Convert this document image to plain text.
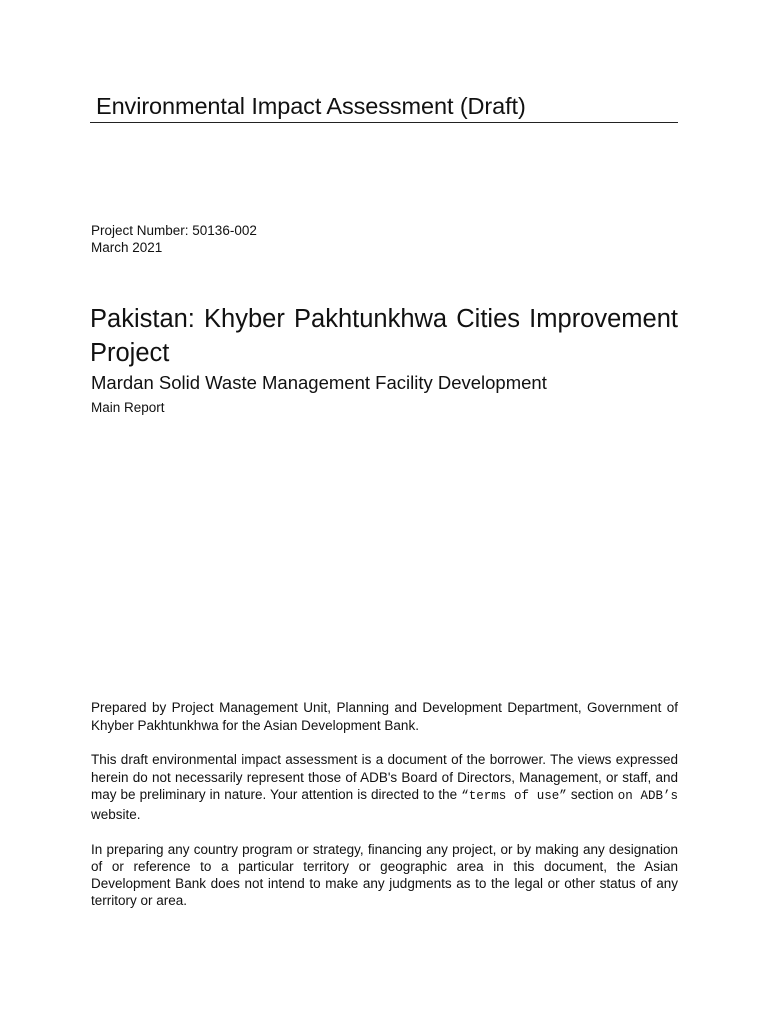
Environmental Impact Assessment (Draft)
Project Number: 50136-002
March 2021
Pakistan: Khyber Pakhtunkhwa Cities Improvement Project
Mardan Solid Waste Management Facility Development
Main Report

Prepared by Project Management Unit, Planning and Development Department, Government of Khyber Pakhtunkhwa for the Asian Development Bank.

This draft environmental impact assessment is a document of the borrower. The views expressed herein do not necessarily represent those of ADB's Board of Directors, Management, or staff, and may be preliminary in nature. Your attention is directed to the “terms of use” section on ADB’s website.

In preparing any country program or strategy, financing any project, or by making any designation of or reference to a particular territory or geographic area in this document, the Asian Development Bank does not intend to make any judgments as to the legal or other status of any territory or area.
